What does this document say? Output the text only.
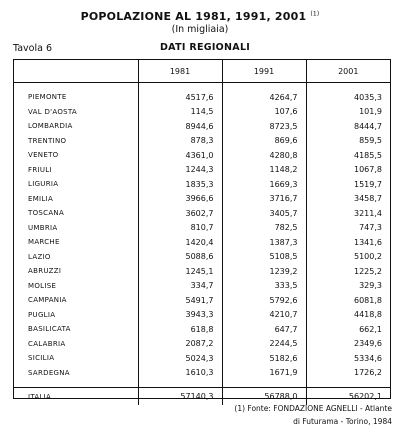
POPOLAZIONE AL 1981, 1991, 2001 $^{(1)}$
(In migliaia)
Tavola 6	DATI REGIONALI
	1981	1991	2001

PIEMONTE	4517,6	4264,7	4035,3
VAL D'AOSTA	114,5	107,6	101,9
LOMBARDIA	8944,6	8723,5	8444,7
TRENTINO	878,3	869,6	859,5
VENETO	4361,0	4280,8	4185,5
FRIULI	1244,3	1148,2	1067,8
LIGURIA	1835,3	1669,3	1519,7
EMILIA	3966,6	3716,7	3458,7
TOSCANA	3602,7	3405,7	3211,4
UMBRIA	810,7	782,5	747,3
MARCHE	1420,4	1387,3	1341,6
LAZIO	5088,6	5108,5	5100,2
ABRUZZI	1245,1	1239,2	1225,2
MOLISE	334,7	333,5	329,3
CAMPANIA	5491,7	5792,6	6081,8
PUGLIA	3943,3	4210,7	4418,8
BASILICATA	618,8	647,7	662,1
CALABRIA	2087,2	2244,5	2349,6
SICILIA	5024,3	5182,6	5334,6
SARDEGNA	1610,3	1671,9	1726,2

ITALIA	57140,3	56788,0	56202,1
(1) Fonte: FONDAZIONE AGNELLI - Atlante
di Futurama - Torino, 1984
